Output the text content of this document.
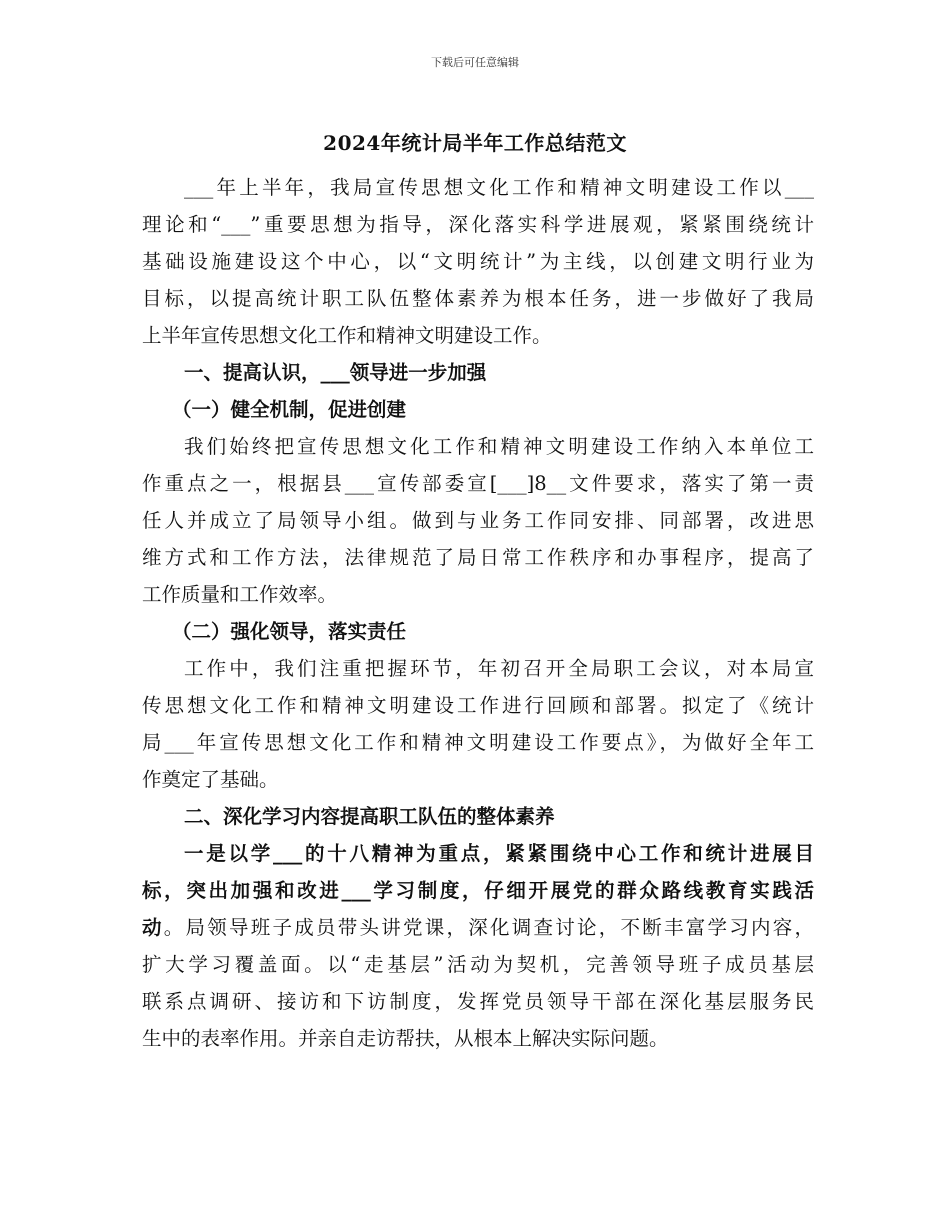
下载后可任意编辑
2024年统计局半年工作总结范文
___年上半年，我局宣传思想文化工作和精神文明建设工作以___
理论和“___”重要思想为指导，深化落实科学进展观，紧紧围绕统计
基础设施建设这个中心，以“文明统计”为主线，以创建文明行业为
目标，以提高统计职工队伍整体素养为根本任务，进一步做好了我局
上半年宣传思想文化工作和精神文明建设工作。
一、提高认识，___领导进一步加强
（一）健全机制，促进创建
我们始终把宣传思想文化工作和精神文明建设工作纳入本单位工
作重点之一，根据县___宣传部委宣[___]8__文件要求，落实了第一责
任人并成立了局领导小组。做到与业务工作同安排、同部署，改进思
维方式和工作方法，法律规范了局日常工作秩序和办事程序，提高了
工作质量和工作效率。
（二）强化领导，落实责任
工作中，我们注重把握环节，年初召开全局职工会议，对本局宣
传思想文化工作和精神文明建设工作进行回顾和部署。拟定了《统计
局___年宣传思想文化工作和精神文明建设工作要点》，为做好全年工
作奠定了基础。
二、深化学习内容提高职工队伍的整体素养
一是以学___的十八精神为重点，紧紧围绕中心工作和统计进展目
标，突出加强和改进___学习制度，仔细开展党的群众路线教育实践活
动。局领导班子成员带头讲党课，深化调查讨论，不断丰富学习内容，
扩大学习覆盖面。以“走基层”活动为契机，完善领导班子成员基层
联系点调研、接访和下访制度，发挥党员领导干部在深化基层服务民
生中的表率作用。并亲自走访帮扶，从根本上解决实际问题。
